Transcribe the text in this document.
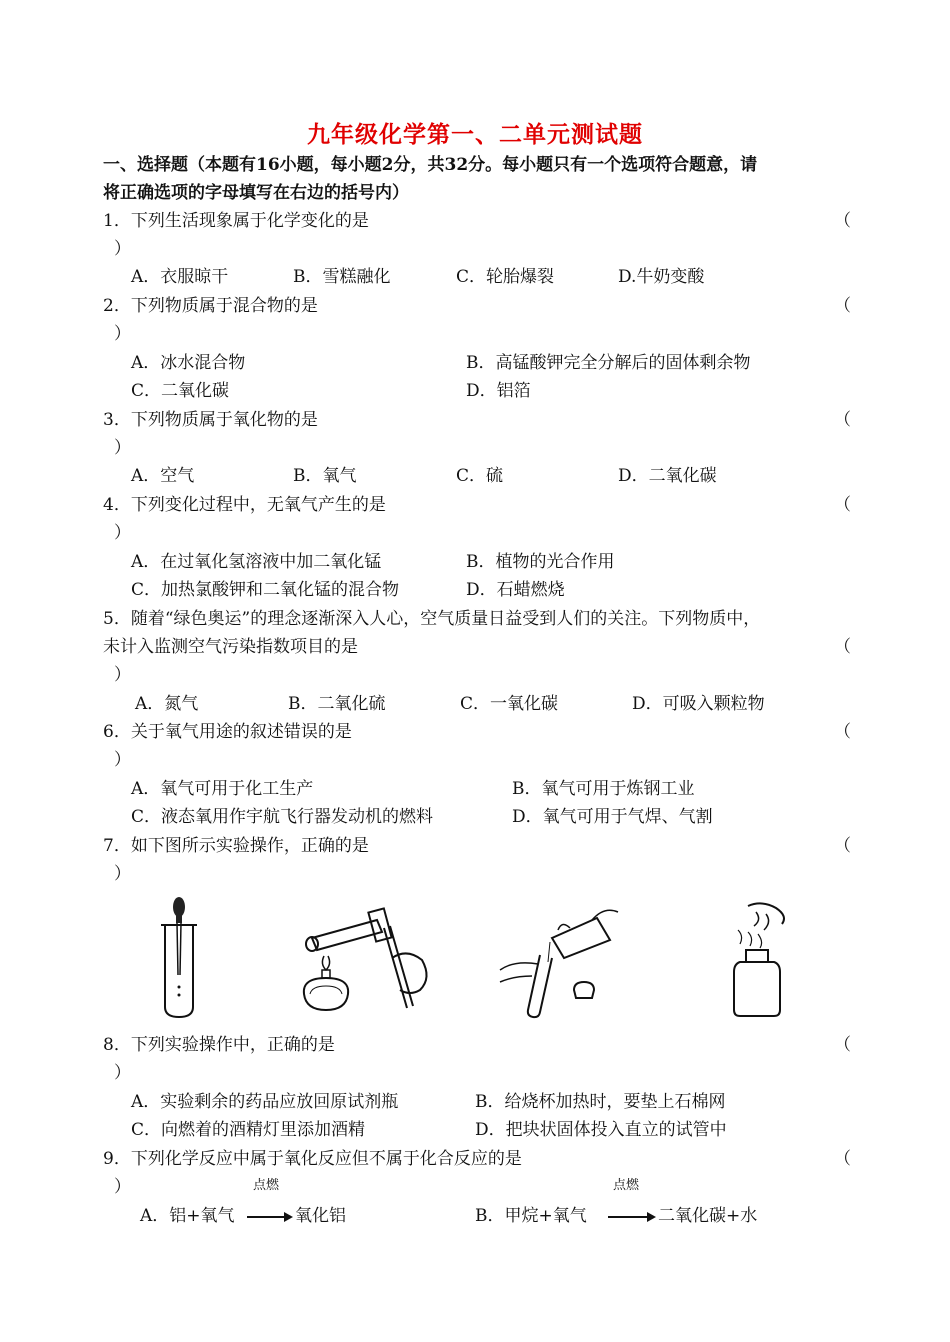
九年级化学第一、二单元测试题
一、选择题（本题有16小题，每小题2分，共32分。每小题只有一个选项符合题意，请
将正确选项的字母填写在右边的括号内）
1．下列生活现象属于化学变化的是	（
）
A．衣服晾干	B．雪糕融化	C．轮胎爆裂	D.牛奶变酸
2．下列物质属于混合物的是	（
）
A．冰水混合物	B．高锰酸钾完全分解后的固体剩余物
C．二氧化碳	D．铝箔
3．下列物质属于氧化物的是	（
）
A．空气	B．氧气	C．硫	D．二氧化碳
4．下列变化过程中，无氧气产生的是	（
）
A．在过氧化氢溶液中加二氧化锰	B．植物的光合作用
C．加热氯酸钾和二氧化锰的混合物	D．石蜡燃烧
5．随着“绿色奥运”的理念逐渐深入人心，空气质量日益受到人们的关注。下列物质中，
未计入监测空气污染指数项目的是	（
）
A．氮气	B．二氧化硫	C．一氧化碳	D．可吸入颗粒物
6．关于氧气用途的叙述错误的是	（
）
A．氧气可用于化工生产	B．氧气可用于炼钢工业
C．液态氧用作宇航飞行器发动机的燃料	D．氧气可用于气焊、气割
7．如下图所示实验操作，正确的是	（
）
8．下列实验操作中，正确的是	（
）
A．实验剩余的药品应放回原试剂瓶	B．给烧杯加热时，要垫上石棉网
C．向燃着的酒精灯里添加酒精	D．把块状固体投入直立的试管中
9．下列化学反应中属于氧化反应但不属于化合反应的是	（
）	点燃	点燃
A．铝+氧气	氧化铝	B．甲烷+氧气	二氧化碳+水
